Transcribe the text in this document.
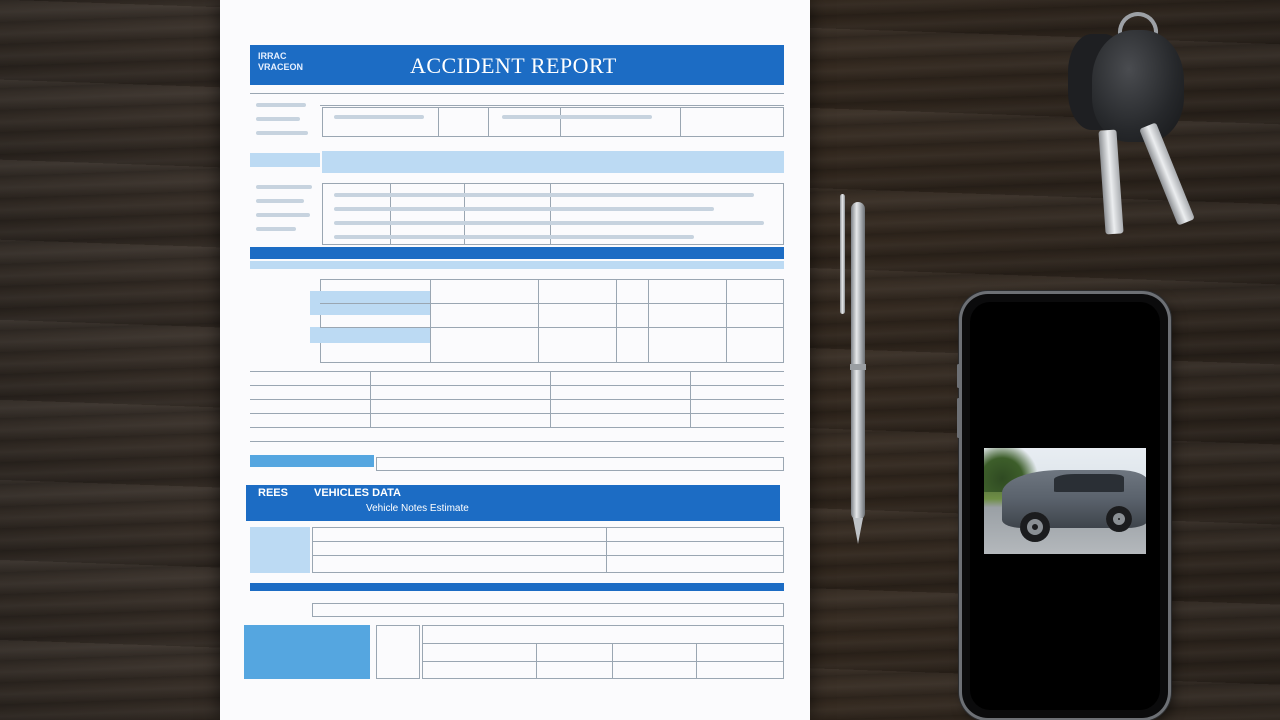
IRRAC VRACEON	ACCIDENT REPORT
REES VEHICLES DATA
Vehicle Notes Estimate
